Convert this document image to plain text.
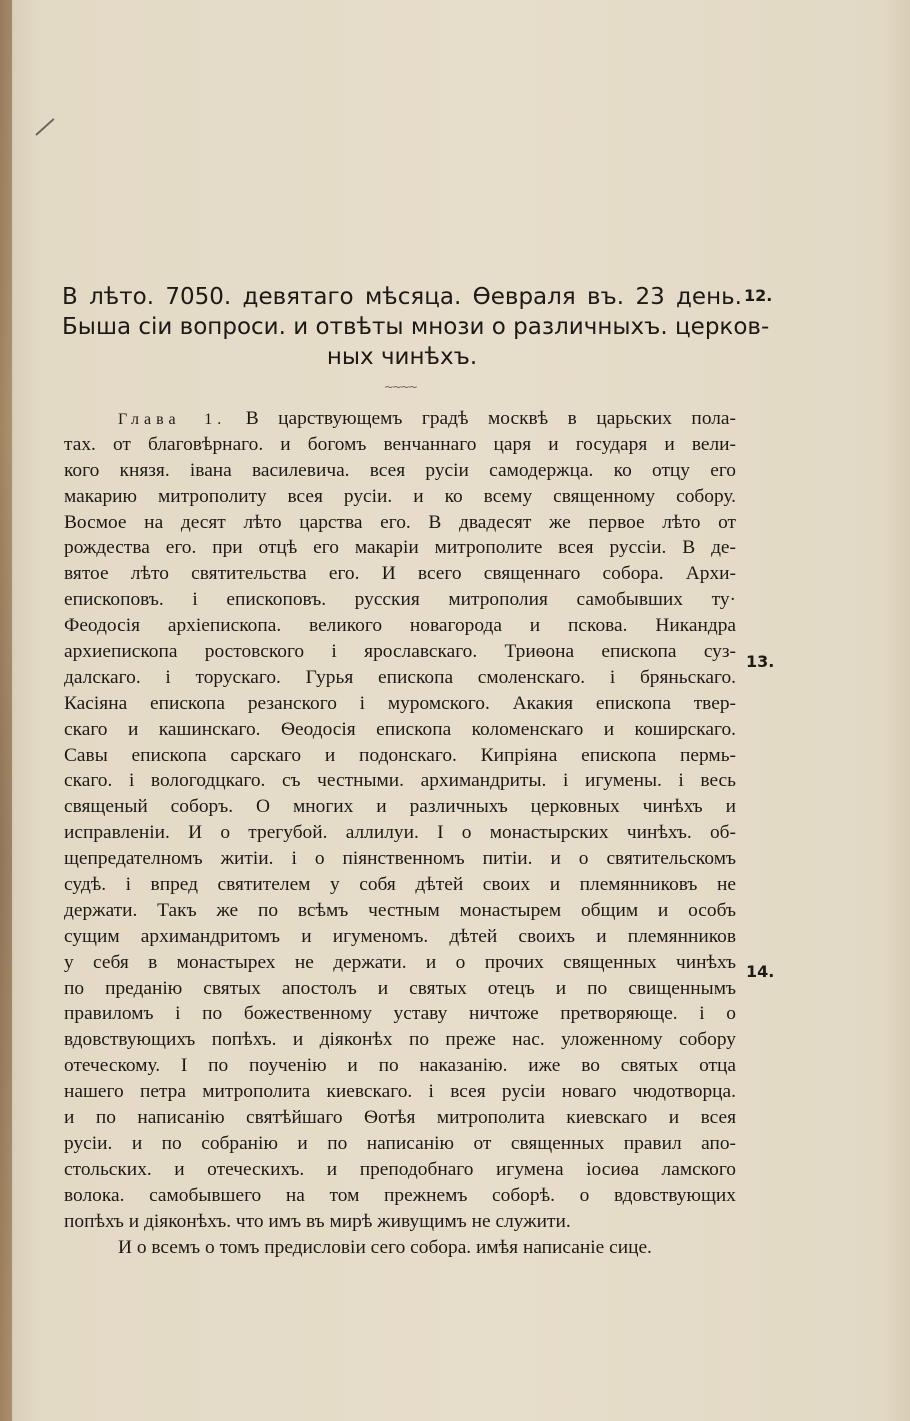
В лѣто. 7050. девятаго мѣсяца. Ѳевраля въ. 23 день.
Быша сіи вопроси. и отвѣты мнози о различныхъ. церков-
ных чинѣхъ.
12.
13.
14.
~~~~
Глава 1. В царствующемъ градѣ москвѣ в царьских пола-
тах. от благовѣрнаго. и богомъ венчаннаго царя и государя и вели-
кого князя. івана василевича. всея русіи самодержца. ко отцу его
макарию митрополиту всея русіи. и ко всему священному собору.
Восмое на десят лѣто царства его. В двадесят же первое лѣто от
рождества его. при отцѣ его макаріи митрополите всея руссіи. В де-
вятое лѣто святительства его. И всего священнаго собора. Архи-
епископовъ. і епископовъ. русския митрополия самобывших ту·
Феодосія архіепископа. великого новагорода и пскова. Никандра
архиепископа ростовского і ярославскаго. Триѳона епископа суз-
далскаго. і торускаго. Гурья епископа смоленскаго. і бряньскаго.
Касіяна епископа резанского і муромского. Акакия епископа твер-
скаго и кашинскаго. Ѳеодосія епископа коломенскаго и коширскаго.
Савы епископа сарскаго и подонскаго. Кипріяна епископа пермь-
скаго. і вологодцкаго. съ честными. архимандриты. і игумены. і весь
священый соборъ. О многих и различныхъ церковных чинѣхъ и
исправленіи. И о трегубой. аллилуи. І о монастырских чинѣхъ. об-
щепредателномъ житіи. і о піянственномъ питіи. и о святительскомъ
судѣ. і впред святителем у собя дѣтей своих и племянниковъ не
держати. Такъ же по всѣмъ честным монастырем общим и особъ
сущим архимандритомъ и игуменомъ. дѣтей своихъ и племянников
у себя в монастырех не держати. и о прочих священных чинѣхъ
по преданію святых апостолъ и святых отецъ и по свищеннымъ
правиломъ і по божественному уставу ничтоже претворяюще. і о
вдовствующихъ попѣхъ. и діяконѣх по преже нас. уложенному собору
отеческому. І по поученію и по наказанію. иже во святых отца
нашего петра митрополита киевскаго. і всея русіи новаго чюдотворца.
и по написанію святѣйшаго Ѳотѣя митрополита киевскаго и всея
русіи. и по собранію и по написанію от священных правил апо-
стольских. и отеческихъ. и преподобнаго игумена іосиѳа ламского
волока. самобывшего на том прежнемъ соборѣ. о вдовствующих
попѣхъ и діяконѣхъ. что имъ въ мирѣ живущимъ не служити.
И о всемъ о томъ предисловіи сего собора. имѣя написаніе сице.
